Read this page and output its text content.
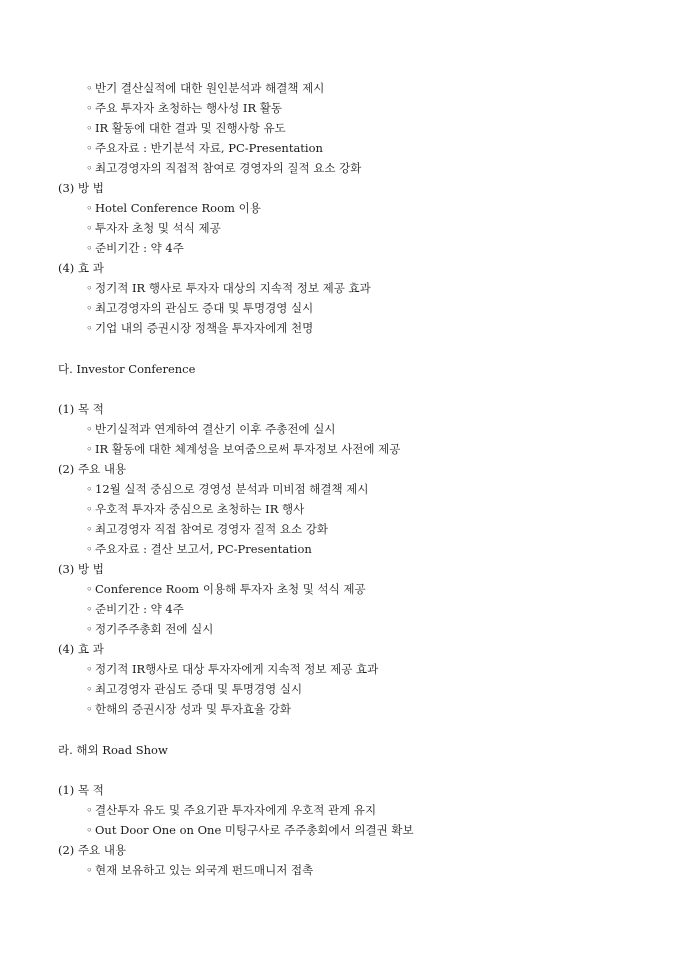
◦ 반기 결산실적에 대한 원인분석과 해결책 제시
◦ 주요 투자자 초청하는 행사성 IR 활동
◦ IR 활동에 대한 결과 및 진행사항 유도
◦ 주요자료 : 반기분석 자료, PC-Presentation
◦ 최고경영자의 직접적 참여로 경영자의 질적 요소 강화
(3) 방 법
◦ Hotel Conference Room 이용
◦ 투자자 초청 및 석식 제공
◦ 준비기간 : 약 4주
(4) 효 과
◦ 정기적 IR 행사로 투자자 대상의 지속적 정보 제공 효과
◦ 최고경영자의 관심도 증대 및 투명경영 실시
◦ 기업 내의 증권시장 정책을 투자자에게 천명
다. Investor Conference
(1) 목 적
◦ 반기실적과 연계하여 결산기 이후 주총전에 실시
◦ IR 활동에 대한 체계성을 보여줌으로써 투자정보 사전에 제공
(2) 주요 내용
◦ 12월 실적 중심으로 경영성 분석과 미비점 해결책 제시
◦ 우호적 투자자 중심으로 초청하는 IR 행사
◦ 최고경영자 직접 참여로 경영자 질적 요소 강화
◦ 주요자료 : 결산 보고서, PC-Presentation
(3) 방 법
◦ Conference Room 이용해 투자자 초청 및 석식 제공
◦ 준비기간 : 약 4주
◦ 정기주주총회 전에 실시
(4) 효 과
◦ 정기적 IR행사로 대상 투자자에게 지속적 정보 제공 효과
◦ 최고경영자 관심도 증대 및 투명경영 실시
◦ 한해의 증권시장 성과 및 투자효율 강화
라. 해외 Road Show
(1) 목 적
◦ 결산투자 유도 및 주요기관 투자자에게 우호적 관계 유지
◦ Out Door One on One 미팅구사로 주주총회에서 의결권 확보
(2) 주요 내용
◦ 현재 보유하고 있는 외국계 펀드매니저 접촉
